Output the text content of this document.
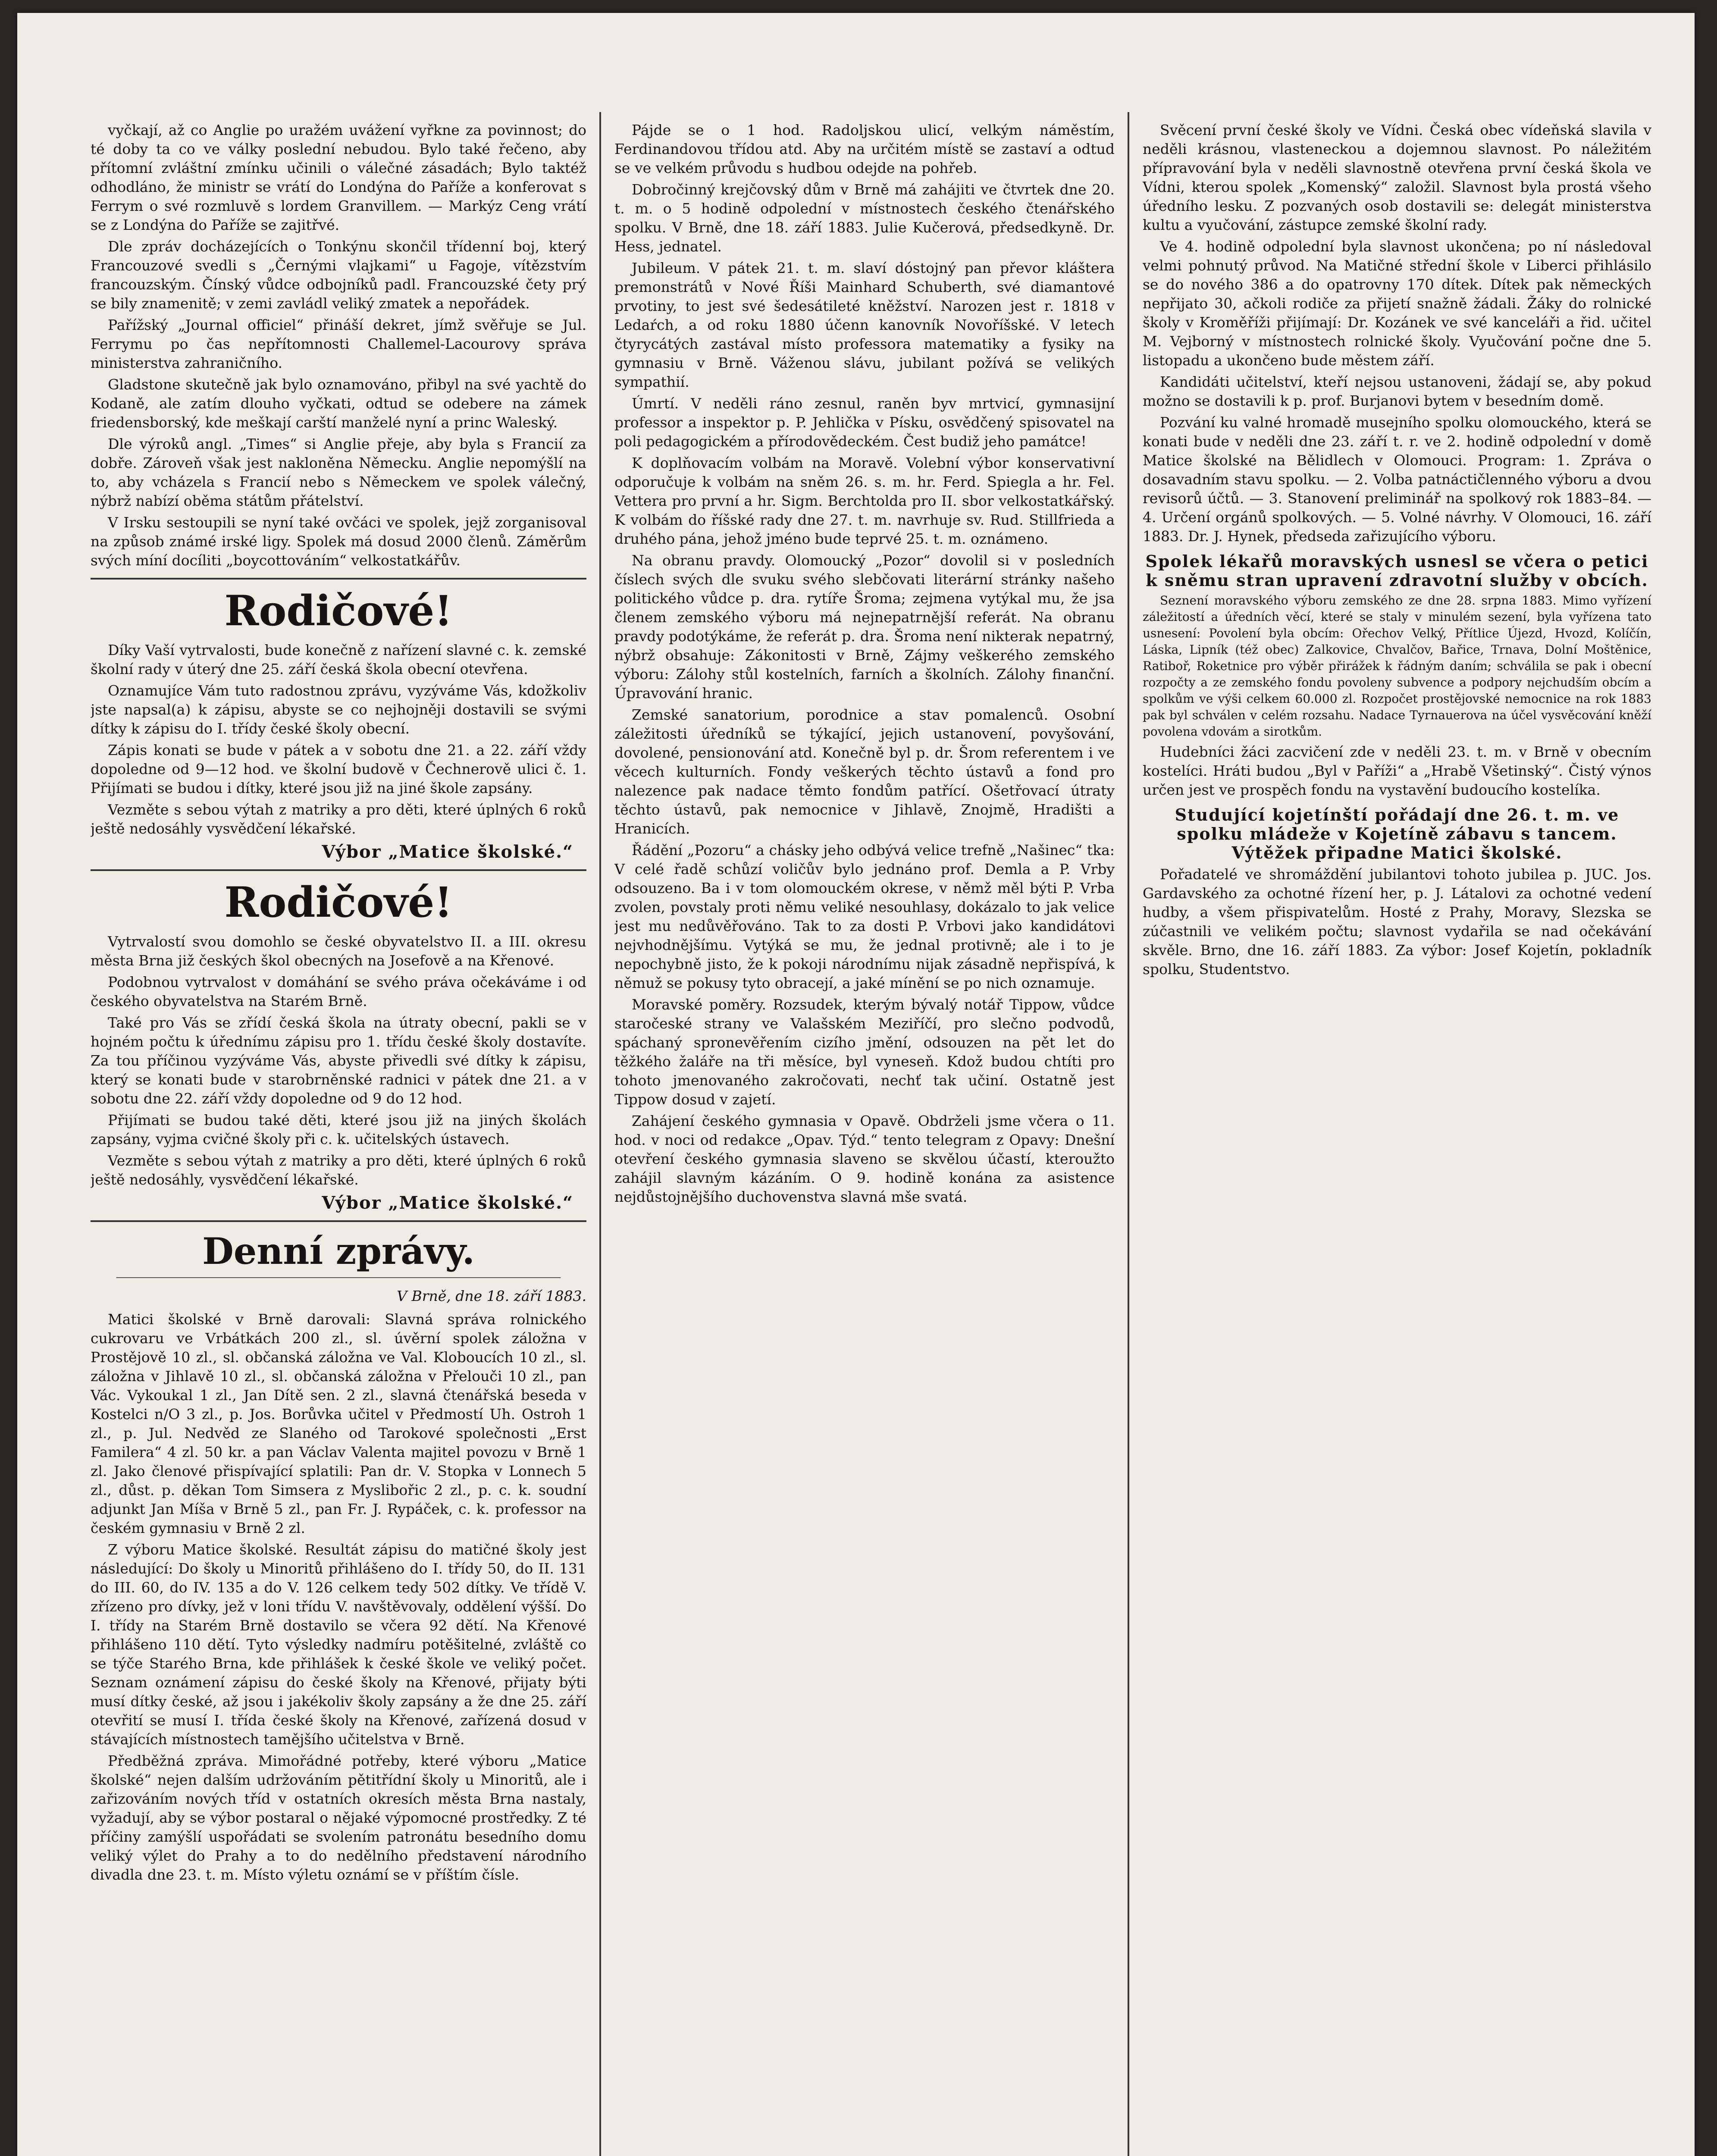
vyčkají, až co Anglie po uražém uvážení vyřkne za povinnost; do té doby ta co ve války poslední nebudou. Bylo také řečeno, aby přítomní zvláštní zmínku učinili o válečné zásadách; Bylo taktéž odhodláno, že ministr se vrátí do Londýna do Paříže a konferovat s Ferrym o své rozmluvě s lordem Granvillem. — Markýz Ceng vrátí se z Londýna do Paříže se zajitřvé.

Dle zpráv docházejících o Tonkýnu skončil třídenní boj, který Francouzové svedli s „Černými vlajkami“ u Fagoje, vítězstvím francouzským. Čínský vůdce odbojníků padl. Francouzské čety prý se bily znamenitě; v zemi zavládl veliký zmatek a nepořádek.

Pařížský „Journal officiel“ přináší dekret, jímž svěřuje se Jul. Ferrymu po čas nepřítomnosti Challemel-Lacourovy správa ministerstva zahraničního.

Gladstone skutečně jak bylo oznamováno, přibyl na své yachtě do Kodaně, ale zatím dlouho vyčkati, odtud se odebere na zámek friedensborský, kde meškají carští manželé nyní a princ Waleský.

Dle výroků angl. „Times“ si Anglie přeje, aby byla s Francií za dobře. Zároveň však jest nakloněna Německu. Anglie nepomýšlí na to, aby vcházela s Francií nebo s Německem ve spolek válečný, nýbrž nabízí oběma státům přátelství.

V Irsku sestoupili se nyní také ovčáci ve spolek, jejž zorganisoval na způsob známé irské ligy. Spolek má dosud 2000 členů. Záměrům svých míní docíliti „boycottováním“ velkostatkářův.

Rodičové!

Díky Vaší vytrvalosti, bude konečně z nařízení slavné c. k. zemské školní rady v úterý dne 25. září česká škola obecní otevřena.

Oznamujíce Vám tuto radostnou zprávu, vyzýváme Vás, kdožkoliv jste napsal(a) k zápisu, abyste se co nejhojněji dostavili se svými dítky k zápisu do I. třídy české školy obecní.

Zápis konati se bude v pátek a v sobotu dne 21. a 22. září vždy dopoledne od 9—12 hod. ve školní budově v Čechnerově ulici č. 1. Přijímati se budou i dítky, které jsou již na jiné škole zapsány.

Vezměte s sebou výtah z matriky a pro děti, které úplných 6 roků ještě nedosáhly vysvědčení lékařské.

Výbor „Matice školské.“
Rodičové!

Vytrvalostí svou domohlo se české obyvatelstvo II. a III. okresu města Brna již českých škol obecných na Josefově a na Křenové.

Podobnou vytrvalost v domáhání se svého práva očekáváme i od českého obyvatelstva na Starém Brně.

Také pro Vás se zřídí česká škola na útraty obecní, pakli se v hojném počtu k úřednímu zápisu pro 1. třídu české školy dostavíte. Za tou příčinou vyzýváme Vás, abyste přivedli své dítky k zápisu, který se konati bude v starobrněnské radnici v pátek dne 21. a v sobotu dne 22. září vždy dopoledne od 9 do 12 hod.

Přijímati se budou také děti, které jsou již na jiných školách zapsány, vyjma cvičné školy při c. k. učitelských ústavech.

Vezměte s sebou výtah z matriky a pro děti, které úplných 6 roků ještě nedosáhly, vysvědčení lékařské.

Výbor „Matice školské.“
Denní zprávy.
V Brně, dne 18. září 1883.

Matici školské v Brně darovali: Slavná správa rolnického cukrovaru ve Vrbátkách 200 zl., sl. úvěrní spolek záložna v Prostějově 10 zl., sl. občanská záložna ve Val. Kloboucích 10 zl., sl. záložna v Jihlavě 10 zl., sl. občanská záložna v Přelouči 10 zl., pan Vác. Vykoukal 1 zl., Jan Dítě sen. 2 zl., slavná čtenářská beseda v Kostelci n/O 3 zl., p. Jos. Borůvka učitel v Předmostí Uh. Ostroh 1 zl., p. Jul. Nedvěd ze Slaného od Tarokové společnosti „Erst Familera“ 4 zl. 50 kr. a pan Václav Valenta majitel povozu v Brně 1 zl. Jako členové přispívající splatili: Pan dr. V. Stopka v Lonnech 5 zl., důst. p. děkan Tom Simsera z Myslibořic 2 zl., p. c. k. soudní adjunkt Jan Míša v Brně 5 zl., pan Fr. J. Rypáček, c. k. professor na českém gymnasiu v Brně 2 zl.

Z výboru Matice školské. Resultát zápisu do matičné školy jest následující: Do školy u Minoritů přihlášeno do I. třídy 50, do II. 131 do III. 60, do IV. 135 a do V. 126 celkem tedy 502 dítky. Ve třídě V. zřízeno pro dívky, jež v loni třídu V. navštěvovaly, oddělení výšší. Do I. třídy na Starém Brně dostavilo se včera 92 dětí. Na Křenové přihlášeno 110 dětí. Tyto výsledky nadmíru potěšitelné, zvláště co se týče Starého Brna, kde přihlášek k české škole ve veliký počet. Seznam oznámení zápisu do české školy na Křenové, přijaty býti musí dítky české, až jsou i jakékoliv školy zapsány a že dne 25. září otevřití se musí I. třída české školy na Křenové, zařízená dosud v stávajících místnostech tamějšího učitelstva v Brně.

Předběžná zpráva. Mimořádné potřeby, které výboru „Matice školské“ nejen dalším udržováním pětitřídní školy u Minoritů, ale i zařizováním nových tříd v ostatních okresích města Brna nastaly, vyžadují, aby se výbor postaral o nějaké výpomocné prostředky. Z té příčiny zamýšlí uspořádati se svolením patronátu besedního domu veliký výlet do Prahy a to do nedělního představení národního divadla dne 23. t. m. Místo výletu oznámí se v příštím čísle.

Pájde se o 1 hod. Radoljskou ulicí, velkým náměstím, Ferdinandovou třídou atd. Aby na určitém místě se zastaví a odtud se ve velkém průvodu s hudbou odejde na pohřeb.

Dobročinný krejčovský dům v Brně má zahájiti ve čtvrtek dne 20. t. m. o 5 hodině odpolední v místnostech českého čtenářského spolku. V Brně, dne 18. září 1883. Julie Kučerová, předsedkyně. Dr. Hess, jednatel.

Jubileum. V pátek 21. t. m. slaví dóstojný pan převor kláštera premonstrátů v Nové Říši Mainhard Schuberth, své diamantové prvotiny, to jest své šedesátileté kněžství. Narozen jest r. 1818 v Ledaŕch, a od roku 1880 účenn kanovník Novoříšské. V letech čtyrycátých zastával místo professora matematiky a fysiky na gymnasiu v Brně. Váženou slávu, jubilant požívá se velikých sympathií.

Úmrtí. V neděli ráno zesnul, raněn byv mrtvicí, gymnasijní professor a inspektor p. P. Jehlička v Písku, osvědčený spisovatel na poli pedagogickém a přírodovědeckém. Čest budiž jeho památce!

K doplňovacím volbám na Moravě. Volební výbor konservativní odporučuje k volbám na sněm 26. s. m. hr. Ferd. Spiegla a hr. Fel. Vettera pro první a hr. Sigm. Berchtolda pro II. sbor velkostatkářský. K volbám do říšské rady dne 27. t. m. navrhuje sv. Rud. Stillfrieda a druhého pána, jehož jméno bude teprvé 25. t. m. oznámeno.

Na obranu pravdy. Olomoucký „Pozor“ dovolil si v posledních číslech svých dle svuku svého slebčovati literární stránky našeho politického vůdce p. dra. rytíře Šroma; zejmena vytýkal mu, že jsa členem zemského výboru má nejnepatrnější referát. Na obranu pravdy podotýkáme, že referát p. dra. Šroma není nikterak nepatrný, nýbrž obsahuje: Zákonitosti v Brně, Zájmy veškerého zemského výboru: Zálohy stůl kostelních, farních a školních. Zálohy finanční. Úpravování hranic.

Zemské sanatorium, porodnice a stav pomalenců. Osobní záležitosti úředníků se týkající, jejich ustanovení, povyšování, dovolené, pensionování atd. Konečně byl p. dr. Šrom referentem i ve věcech kulturních. Fondy veškerých těchto ústavů a fond pro nalezence pak nadace těmto fondům patřící. Ošetřovací útraty těchto ústavů, pak nemocnice v Jihlavě, Znojmě, Hradišti a Hranicích.

Řádění „Pozoru“ a chásky jeho odbývá velice trefně „Našinec“ tka: V celé řadě schůzí voličův bylo jednáno prof. Demla a P. Vrby odsouzeno. Ba i v tom olomouckém okrese, v němž měl býti P. Vrba zvolen, povstaly proti němu veliké nesouhlasy, dokázalo to jak velice jest mu nedůvěřováno. Tak to za dosti P. Vrbovi jako kandidátovi nejvhodnějšímu. Vytýká se mu, že jednal protivně; ale i to je nepochybně jisto, že k pokoji národnímu nijak zásadně nepřispívá, k němuž se pokusy tyto obracejí, a jaké mínění se po nich oznamuje.

Moravské poměry. Rozsudek, kterým bývalý notář Tippow, vůdce staročeské strany ve Valašském Meziříčí, pro slečno podvodů, spáchaný spronevěřením cizího jmění, odsouzen na pět let do těžkého žaláře na tři měsíce, byl vyneseň. Kdož budou chtíti pro tohoto jmenovaného zakročovati, nechť tak učiní. Ostatně jest Tippow dosud v zajetí.

Zahájení českého gymnasia v Opavě. Obdrželi jsme včera o 11. hod. v noci od redakce „Opav. Týd.“ tento telegram z Opavy: Dnešní otevření českého gymnasia slaveno se skvělou účastí, kteroužto zahájil slavným kázáním. O 9. hodině konána za asistence nejdůstojnějšího duchovenstva slavná mše svatá.

Svěcení první české školy ve Vídni. Česká obec vídeňská slavila v neděli krásnou, vlasteneckou a dojemnou slavnost. Po náležitém přípravování byla v neděli slavnostně otevřena první česká škola ve Vídni, kterou spolek „Komenský“ založil. Slavnost byla prostá všeho úředního lesku. Z pozvaných osob dostavili se: delegát ministerstva kultu a vyučování, zástupce zemské školní rady.

Ve 4. hodině odpolední byla slavnost ukončena; po ní následoval velmi pohnutý průvod. Na Matičné střední škole v Liberci přihlásilo se do nového 386 a do opatrovny 170 dítek. Dítek pak německých nepřijato 30, ačkoli rodiče za přijetí snažně žádali. Žáky do rolnické školy v Kroměříži přijímají: Dr. Kozánek ve své kanceláři a řid. učitel M. Vejborný v místnostech rolnické školy. Vyučování počne dne 5. listopadu a ukončeno bude městem září.

Kandidáti učitelství, kteří nejsou ustanoveni, žádají se, aby pokud možno se dostavili k p. prof. Burjanovi bytem v besedním domě.

Pozvání ku valné hromadě musejního spolku olomouckého, která se konati bude v neděli dne 23. září t. r. ve 2. hodině odpolední v domě Matice školské na Bělidlech v Olomouci. Program: 1. Zpráva o dosavadním stavu spolku. — 2. Volba patnáctičlenného výboru a dvou revisorů účtů. — 3. Stanovení preliminář na spolkový rok 1883–84. — 4. Určení orgánů spolkových. — 5. Volné návrhy. V Olomouci, 16. září 1883. Dr. J. Hynek, předseda zařizujícího výboru.

Spolek lékařů moravských usnesl se včera o petici k sněmu stran upravení zdravotní služby v obcích.

Seznení moravského výboru zemského ze dne 28. srpna 1883. Mimo vyřízení záležitostí a úředních věcí, které se staly v minulém sezení, byla vyřízena tato usnesení: Povolení byla obcím: Ořechov Velký, Přítlice Újezd, Hvozd, Kolíčín, Láska, Lipník (též obec) Zalkovice, Chvalčov, Bařice, Trnava, Dolní Moštěnice, Ratiboř, Roketnice pro výběr přirážek k řádným daním; schválila se pak i obecní rozpočty a ze zemského fondu povoleny subvence a podpory nejchudším obcím a spolkům ve výši celkem 60.000 zl. Rozpočet prostějovské nemocnice na rok 1883 pak byl schválen v celém rozsahu. Nadace Tyrnauerova na účel vysvěcování kněží povolena vdovám a sirotkům.

Hudebníci žáci zacvičení zde v neděli 23. t. m. v Brně v obecním kostelíci. Hráti budou „Byl v Paříži“ a „Hrabě Všetinský“. Čistý výnos určen jest ve prospěch fondu na vystavění budoucího kostelíka.

Studující kojetínští pořádají dne 26. t. m. ve spolku mládeže v Kojetíně zábavu s tancem. Výtěžek připadne Matici školské.

Pořadatelé ve shromáždění jubilantovi tohoto jubilea p. JUC. Jos. Gardavského za ochotné řízení her, p. J. Látalovi za ochotné vedení hudby, a všem přispivatelům. Hosté z Prahy, Moravy, Slezska se zúčastnili ve velikém počtu; slavnost vydařila se nad očekávání skvěle. Brno, dne 16. září 1883. Za výbor: Josef Kojetín, pokladník spolku, Studentstvo.
